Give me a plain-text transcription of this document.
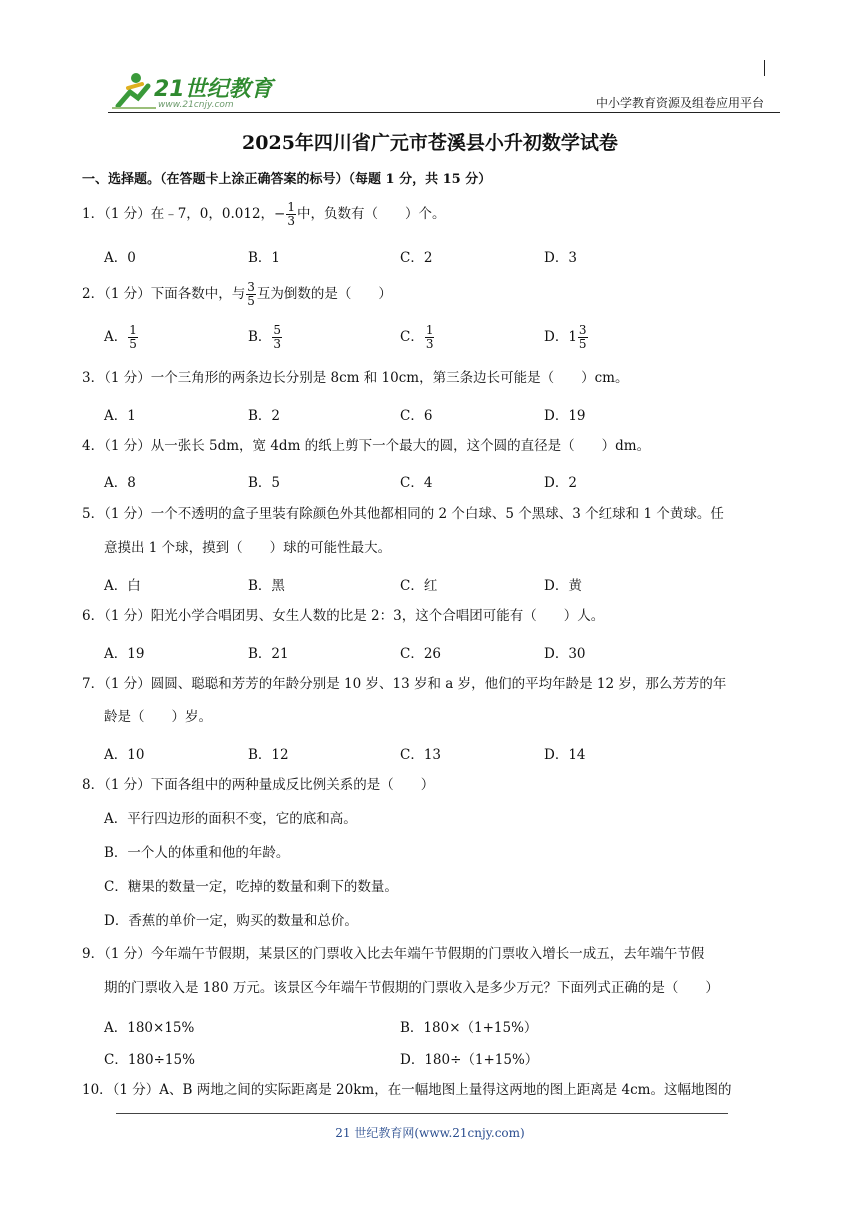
21世纪教育
www.21cnjy.com	中小学教育资源及组卷应用平台
2025年四川省广元市苍溪县小升初数学试卷
一、选择题。（在答题卡上涂正确答案的标号）（每题 1 分，共 15 分）
1．（1 分）在﹣7，0，0.012，− $\frac{1}{3}$ 中，负数有（　　）个。
A．0	B．1	C．2	D．3
2．（1 分）下面各数中，与 $\frac{3}{5}$ 互为倒数的是（　　）
A． $\frac{1}{5}$	B． $\frac{5}{3}$	C． $\frac{1}{3}$	D．$1 \frac{3}{5}$
3．（1 分）一个三角形的两条边长分别是 8cm 和 10cm，第三条边长可能是（　　）cm。
A．1	B．2	C．6	D．19
4．（1 分）从一张长 5dm，宽 4dm 的纸上剪下一个最大的圆，这个圆的直径是（　　）dm。
A．8	B．5	C．4	D．2
5．（1 分）一个不透明的盒子里装有除颜色外其他都相同的 2 个白球、5 个黑球、3 个红球和 1 个黄球。任
意摸出 1 个球，摸到（　　）球的可能性最大。
A．白	B．黑	C．红	D．黄
6．（1 分）阳光小学合唱团男、女生人数的比是 2：3，这个合唱团可能有（　　）人。
A．19	B．21	C．26	D．30
7．（1 分）圆圆、聪聪和芳芳的年龄分别是 10 岁、13 岁和 a 岁，他们的平均年龄是 12 岁，那么芳芳的年
龄是（　　）岁。
A．10	B．12	C．13	D．14
8．（1 分）下面各组中的两种量成反比例关系的是（　　）
A．平行四边形的面积不变，它的底和高。
B．一个人的体重和他的年龄。
C．糖果的数量一定，吃掉的数量和剩下的数量。
D．香蕉的单价一定，购买的数量和总价。
9．（1 分）今年端午节假期，某景区的门票收入比去年端午节假期的门票收入增长一成五，去年端午节假
期的门票收入是 180 万元。该景区今年端午节假期的门票收入是多少万元？下面列式正确的是（　　）
A．180×15%	B．180×（1+15%）
C．180÷15%	D．180÷（1+15%）
10．（1 分）A、B 两地之间的实际距离是 20km，在一幅地图上量得这两地的图上距离是 4cm。这幅地图的
21 世纪教育网(www.21cnjy.com)
